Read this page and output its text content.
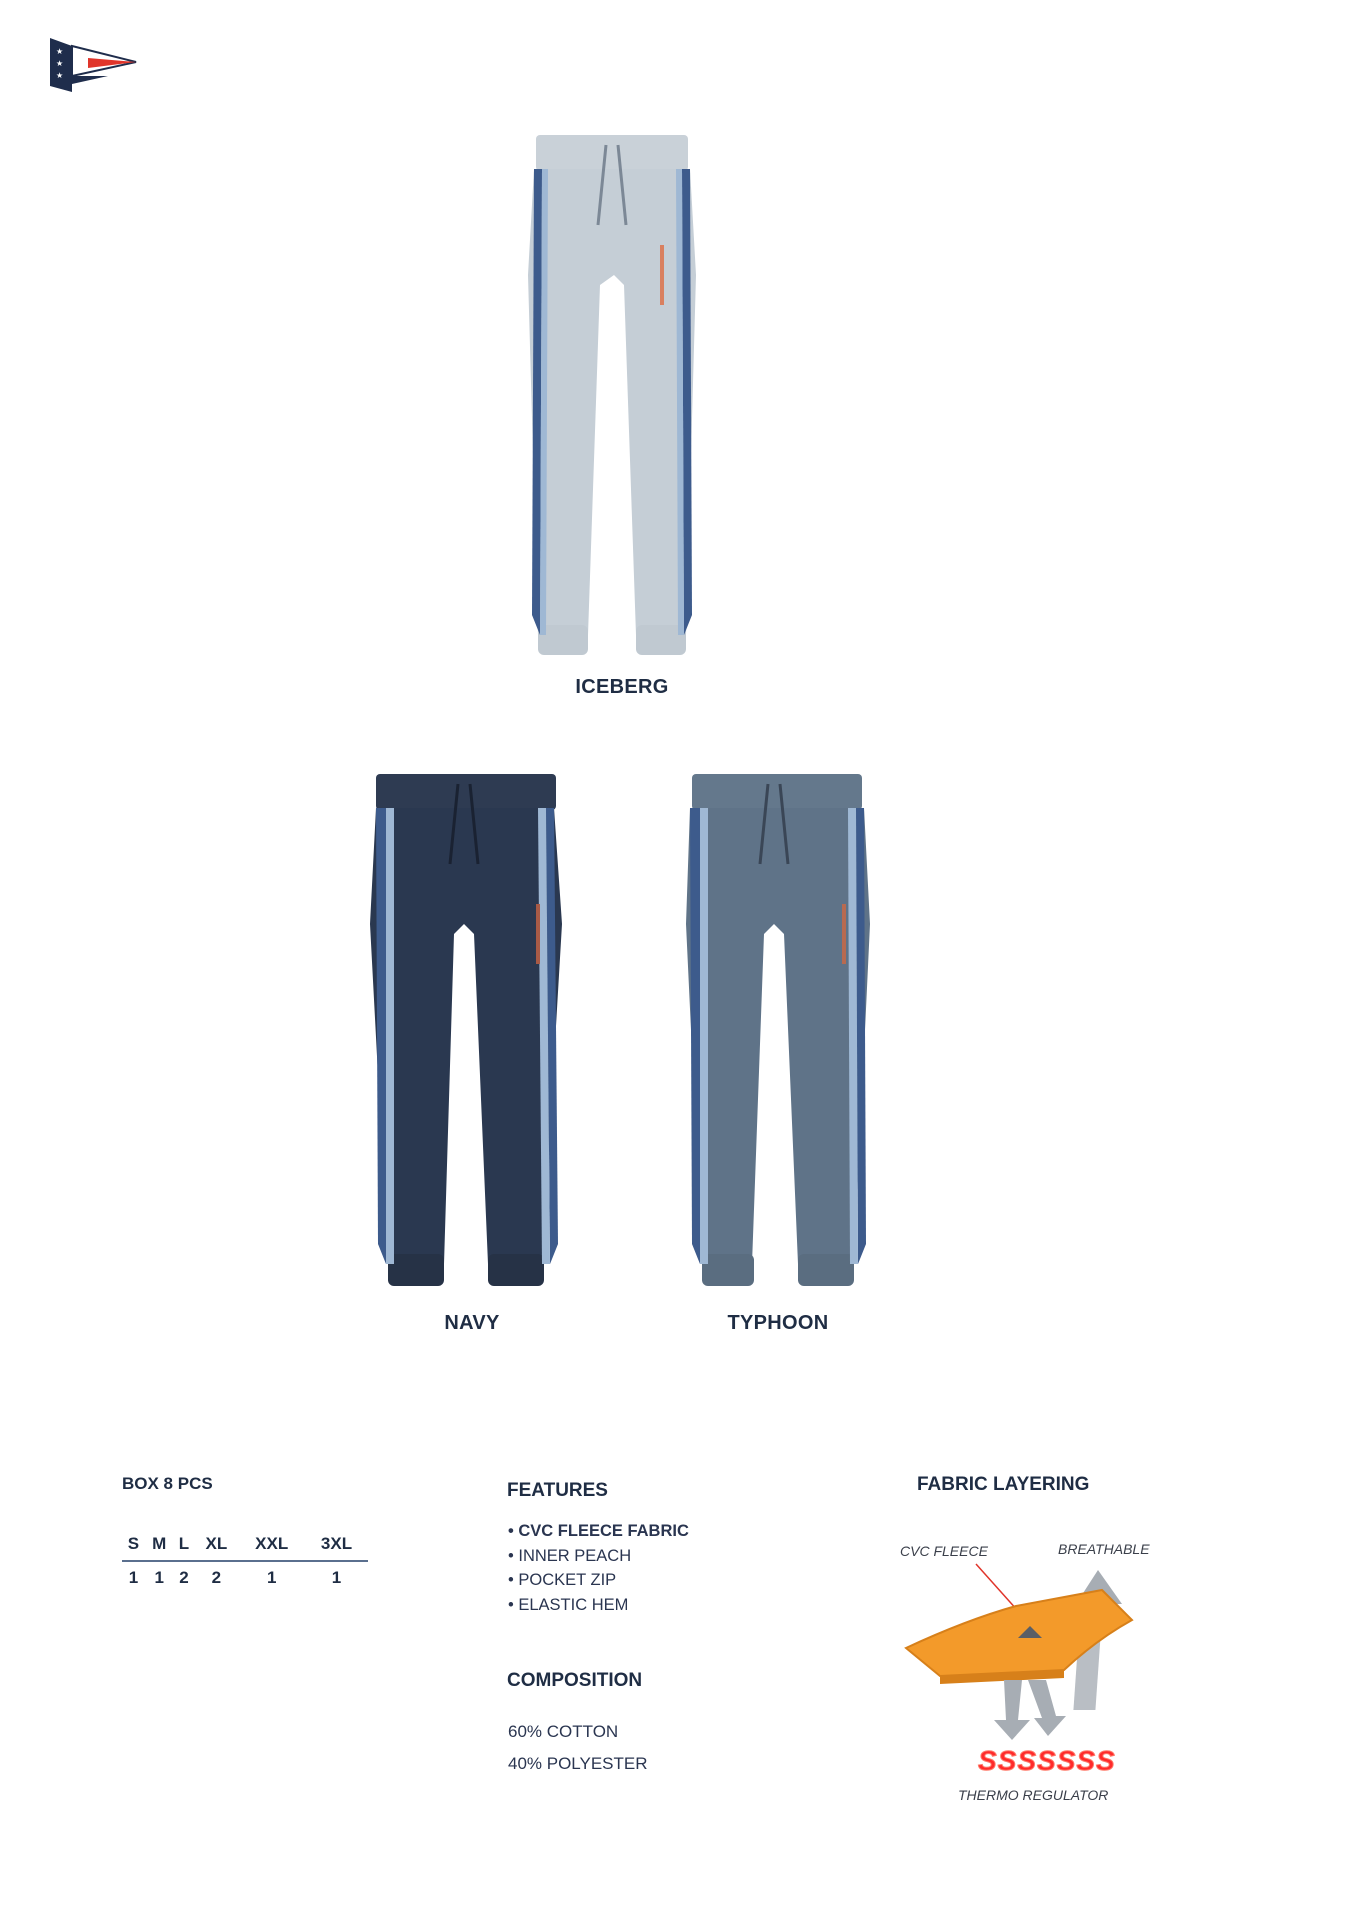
★
★
★
ICEBERG
NAVY	TYPHOON
BOX 8 PCS
S	M	L	XL	XXL	3XL
1	1	2	2	1	1
FEATURES
• CVC FLEECE FABRIC
• INNER PEACH
• POCKET ZIP
• ELASTIC HEM
COMPOSITION
60% COTTON
40% POLYESTER
FABRIC LAYERING
CVC FLEECE	BREATHABLE
SSSSSSS
THERMO REGULATOR
